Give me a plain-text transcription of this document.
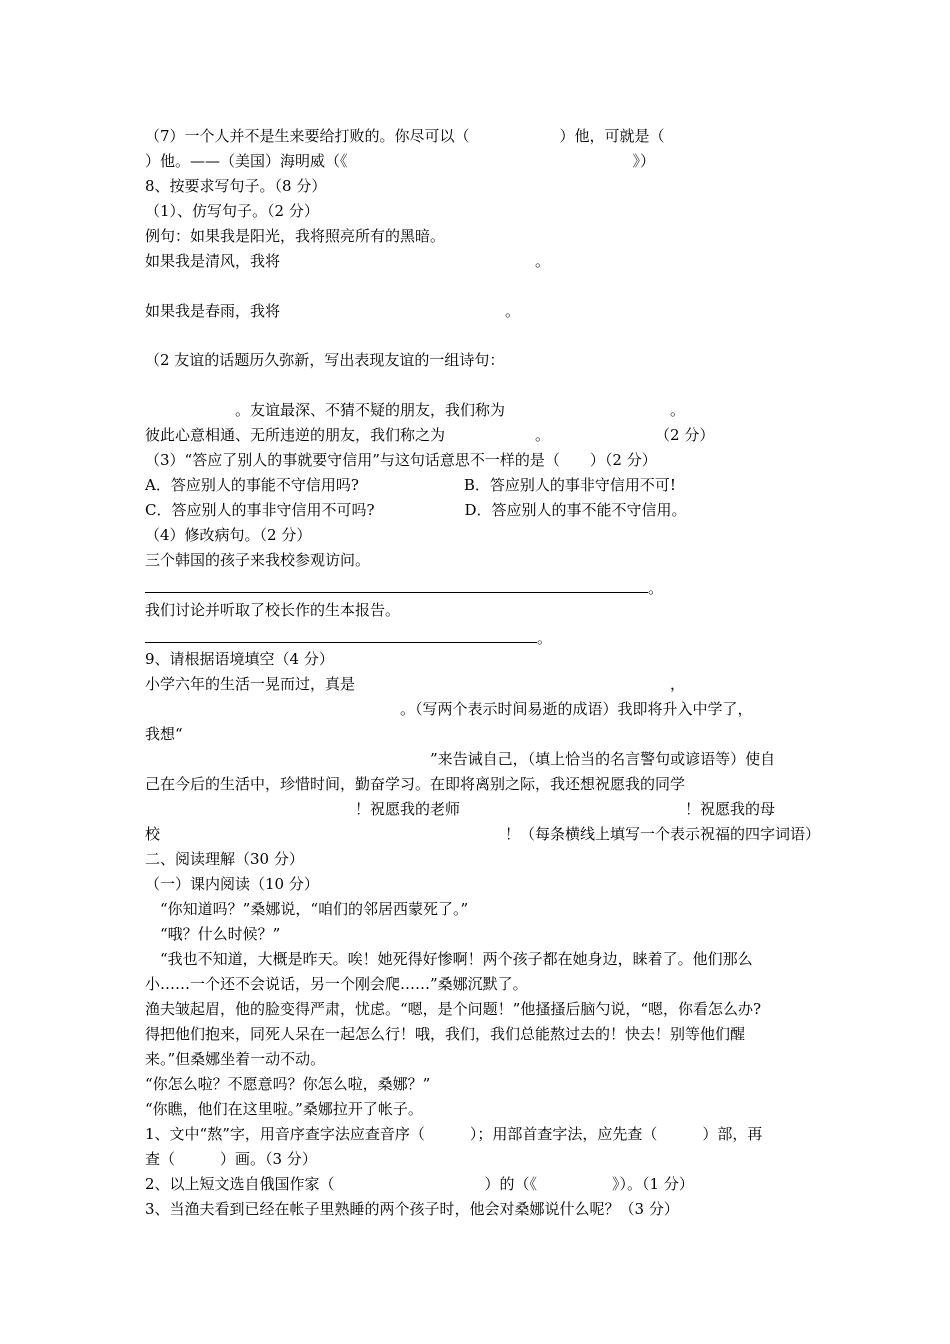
（7）一个人并不是生来要给打败的。你尽可以（　　　　　　）他，可就是（
）他。——（美国）海明威（《　　　　　　　　　　　　　　　　　　　》）
8、按要求写句子。（8 分）
（1）、仿写句子。（2 分）
例句：如果我是阳光，我将照亮所有的黑暗。
如果我是清风，我将　　　　　　　　　　　　　　　　　。
如果我是春雨，我将　　　　　　　　　　　　　　　。
（2 友谊的话题历久弥新，写出表现友谊的一组诗句：
　　　　　　。友谊最深、不猜不疑的朋友，我们称为　　　　　　　　　　　。
彼此心意相通、无所违逆的朋友，我们称之为　　　　　　。　　　　　　　　（2 分）
（3）“答应了别人的事就要守信用”与这句话意思不一样的是（　　）（2 分）
A．答应别人的事能不守信用吗?　　　　　　　B．答应别人的事非守信用不可!
C．答应别人的事非守信用不可吗?　　　　　　D．答应别人的事不能不守信用。
（4）修改病句。（2 分）
三个韩国的孩子来我校参观访问。
。
我们讨论并听取了校长作的生本报告。
。
9、请根据语境填空（4 分）
小学六年的生活一晃而过，真是　　　　　　　　　　　　　　　　　　　　　，
　　　　　　　　　　　　　　　　　。（写两个表示时间易逝的成语）我即将升入中学了，
我想“
　　　　　　　　　　　　　　　　　　　”来告诫自己，（填上恰当的名言警句或谚语等）使自
己在今后的生活中，珍惜时间，勤奋学习。在即将离别之际，我还想祝愿我的同学
　　　　　　　　　　　　　　！祝愿我的老师　　　　　　　　　　　　　　　！祝愿我的母
校　　　　　　　　　　　　　　　　　　　　　　　！（每条横线上填写一个表示祝福的四字词语）
二、阅读理解（30 分）
（一）课内阅读（10 分）
　“你知道吗？”桑娜说，“咱们的邻居西蒙死了。”
　“哦？什么时候？”
　“我也不知道，大概是昨天。唉！她死得好惨啊！两个孩子都在她身边，睐着了。他们那么
小……一个还不会说话，另一个刚会爬……”桑娜沉默了。
渔夫皱起眉，他的脸变得严肃，忧虑。“嗯，是个问题！”他搔搔后脑勺说，“嗯，你看怎么办?
得把他们抱来，同死人呆在一起怎么行！哦，我们，我们总能熬过去的！快去！别等他们醒
来。”但桑娜坐着一动不动。
“你怎么啦？不愿意吗？你怎么啦，桑娜？”
“你瞧，他们在这里啦。”桑娜拉开了帐子。
1、文中“熬”字，用音序查字法应查音序（　　　）；用部首查字法，应先查（　　　）部，再
查（　　　）画。（3 分）
2、以上短文选自俄国作家（　　　　　　　　　　）的（《　　　　　》）。（1 分）
3、当渔夫看到已经在帐子里熟睡的两个孩子时，他会对桑娜说什么呢？（3 分）
